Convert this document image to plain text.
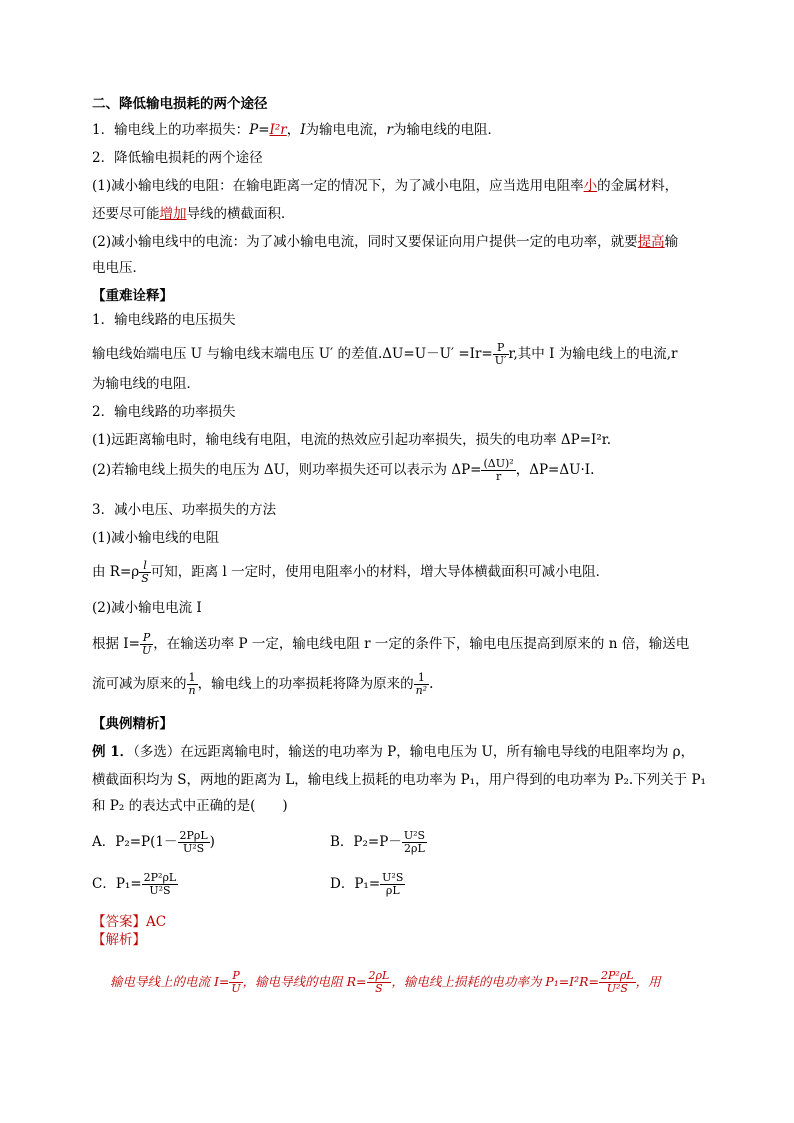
二、降低输电损耗的两个途径
1．输电线上的功率损失：P=I²r，I为输电电流，r为输电线的电阻．
2．降低输电损耗的两个途径
(1)减小输电线的电阻：在输电距离一定的情况下，为了减小电阻，应当选用电阻率小的金属材料，
还要尽可能增加导线的横截面积．
(2)减小输电线中的电流：为了减小输电电流，同时又要保证向用户提供一定的电功率，就要提高输
电电压．
【重难诠释】
1．输电线路的电压损失
输电线始端电压 U 与输电线末端电压 U′ 的差值$.\Delta U=U-U' =Ir= \frac{P}{U'} r$,其中 I 为输电线上的电流,r
为输电线的电阻．
2．输电线路的功率损失
(1)远距离输电时，输电线有电阻，电流的热效应引起功率损失，损失的电功率 ΔP=I²r.
(2)若输电线上损失的电压为 ΔU，则功率损失还可以表示为 $\Delta P= \frac{\text{(ΔU)²}}{r}$ ，ΔP=ΔU·I.
3．减小电压、功率损失的方法
(1)减小输电线的电阻
由 $R=\rho \frac{l}{S}$ 可知，距离 l 一定时，使用电阻率小的材料，增大导体横截面积可减小电阻．
(2)减小输电电流 I
根据 $I= \frac{P}{U}$ ，在输送功率 P 一定，输电线电阻 r 一定的条件下，输电电压提高到原来的 n 倍，输送电
流可减为原来的 $\frac{1}{n}$ ，输电线上的功率损耗将降为原来的 $\frac{1}{\text{n²}}$ .
【典例精析】
例 1．（多选）在远距离输电时，输送的电功率为 P，输电电压为 U，所有输电导线的电阻率均为 ρ，
横截面积均为 S，两地的距离为 L，输电线上损耗的电功率为 P₁，用户得到的电功率为 P₂.下列关于 P₁
和 P₂ 的表达式中正确的是(　　)
A．$P_2=P(1- \frac{\text{2PρL}}{\text{U²S}}$ )	B．$P_2=P- \frac{\text{U²S}}{2\rho L}$
C．$P_1= \frac{\text{2P²ρL}}{\text{U²S}}$	D．$P_1= \frac{\text{U²S}}{\rho L}$
【答案】AC
【解析】
输电导线上的电流 $I= \frac{P}{U}$ ，输电导线的电阻 $R= \frac{2\rho L}{S}$ ，输电线上损耗的电功率为 $P_1=I^2R= \frac{\text{2P²ρL}}{\text{U²S}}$ ，用
